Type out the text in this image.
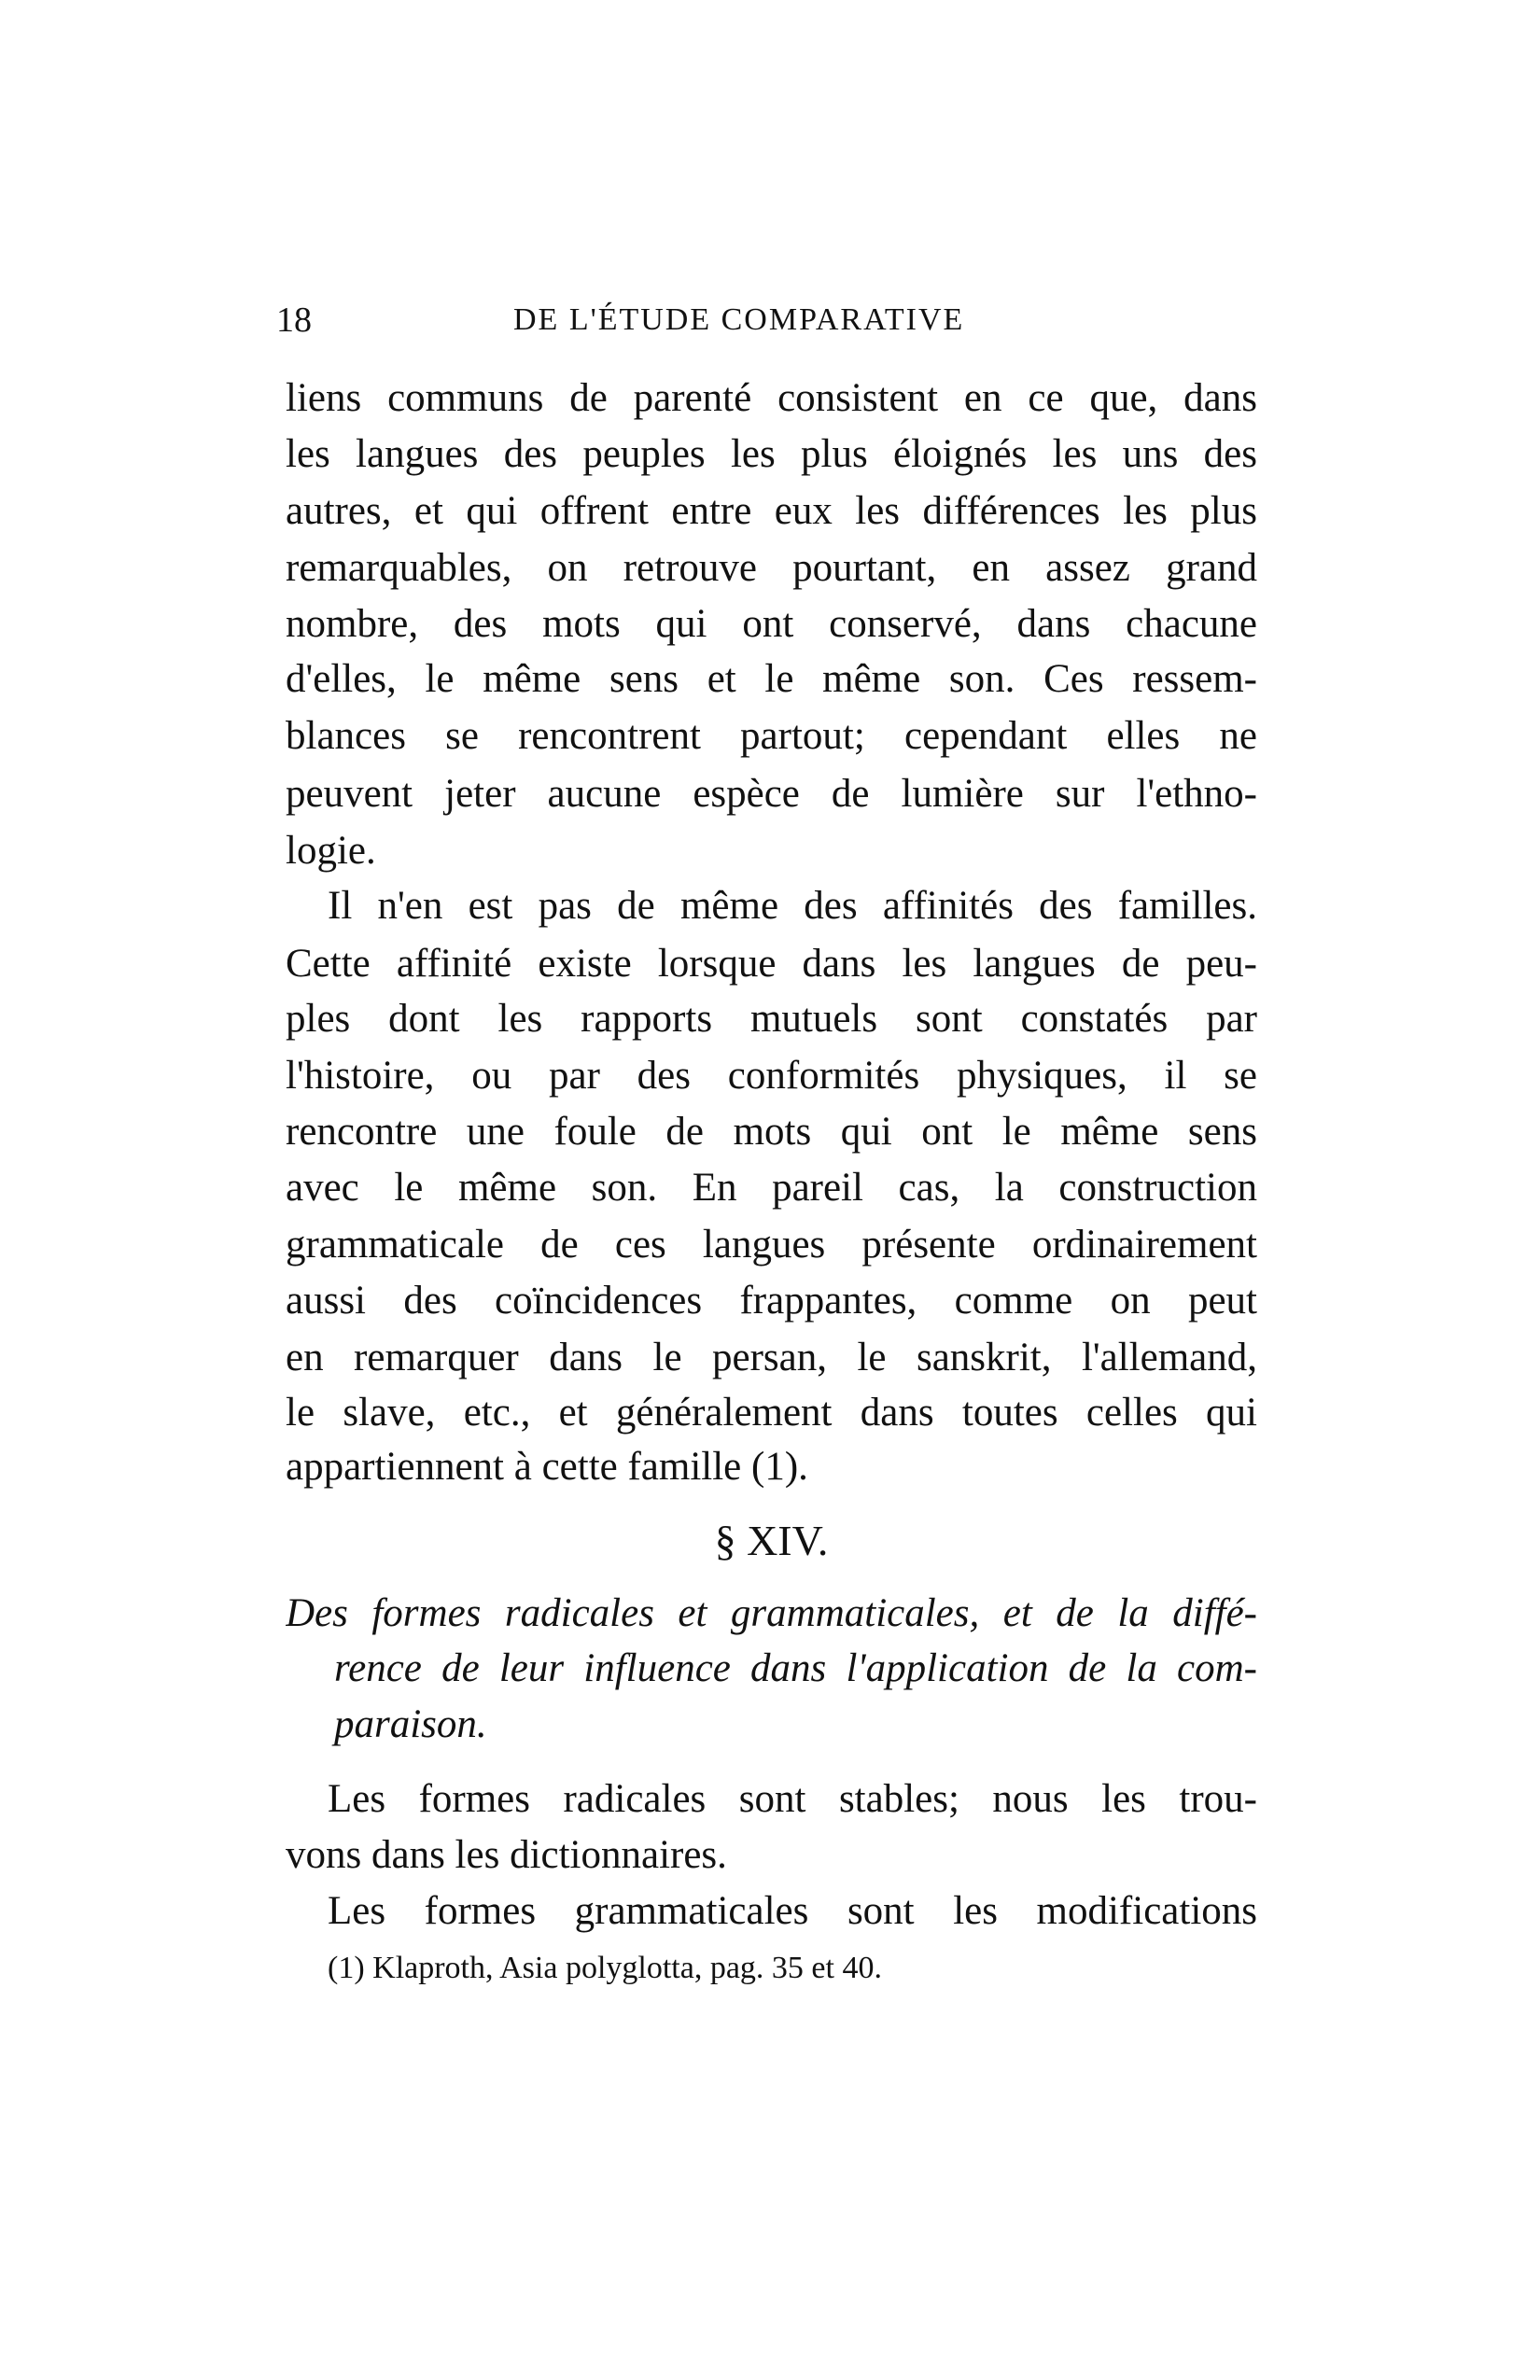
18	DE L'ÉTUDE COMPARATIVE
liens communs de parenté consistent en ce que, dans
les langues des peuples les plus éloignés les uns des
autres, et qui offrent entre eux les différences les plus
remarquables, on retrouve pourtant, en assez grand
nombre, des mots qui ont conservé, dans chacune
d'elles, le même sens et le même son. Ces ressem-
blances se rencontrent partout; cependant elles ne
peuvent jeter aucune espèce de lumière sur l'ethno-
logie.
Il n'en est pas de même des affinités des familles.
Cette affinité existe lorsque dans les langues de peu-
ples dont les rapports mutuels sont constatés par
l'histoire, ou par des conformités physiques, il se
rencontre une foule de mots qui ont le même sens
avec le même son. En pareil cas, la construction
grammaticale de ces langues présente ordinairement
aussi des coïncidences frappantes, comme on peut
en remarquer dans le persan, le sanskrit, l'allemand,
le slave, etc., et généralement dans toutes celles qui
appartiennent à cette famille (1).
§ XIV.
Des formes radicales et grammaticales, et de la diffé-
rence de leur influence dans l'application de la com-
paraison.
Les formes radicales sont stables; nous les trou-
vons dans les dictionnaires.
Les formes grammaticales sont les modifications
(1) Klaproth, Asia polyglotta, pag. 35 et 40.
